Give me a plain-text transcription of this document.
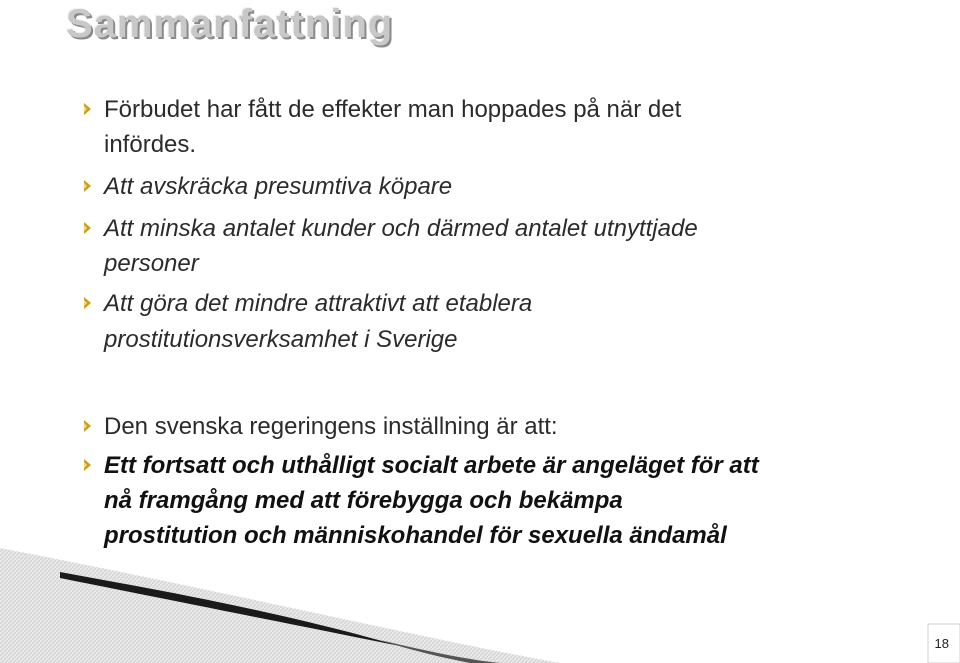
Sammanfattning
Förbudet har fått de effekter man hoppades på när det
infördes.
Att avskräcka presumtiva köpare
Att minska antalet kunder och därmed antalet utnyttjade
personer
Att göra det mindre attraktivt att etablera
prostitutionsverksamhet i Sverige
Den svenska regeringens inställning är att:
Ett fortsatt och uthålligt socialt arbete är angeläget för att
nå framgång med att förebygga och bekämpa
prostitution och människohandel för sexuella ändamål
18
